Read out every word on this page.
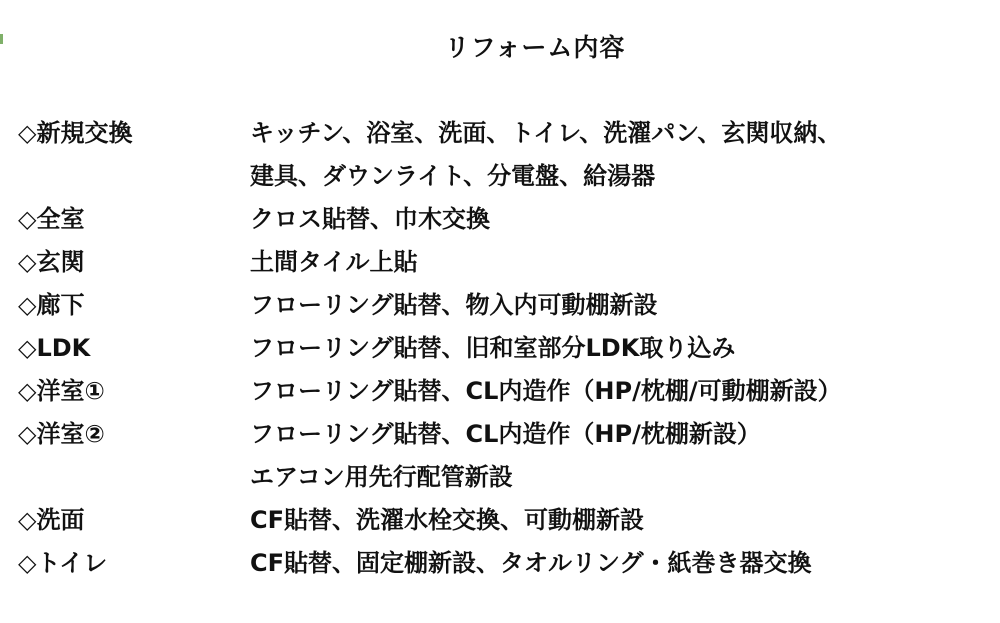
リフォーム内容
◇新規交換	キッチン、浴室、洗面、トイレ、洗濯パン、玄関収納、
建具、ダウンライト、分電盤、給湯器
◇全室	クロス貼替、巾木交換
◇玄関	土間タイル上貼
◇廊下	フローリング貼替、物入内可動棚新設
◇LDK	フローリング貼替、旧和室部分LDK取り込み
◇洋室①	フローリング貼替、CL内造作（HP/枕棚/可動棚新設）
◇洋室②	フローリング貼替、CL内造作（HP/枕棚新設）
エアコン用先行配管新設
◇洗面	CF貼替、洗濯水栓交換、可動棚新設
◇トイレ	CF貼替、固定棚新設、タオルリング・紙巻き器交換
